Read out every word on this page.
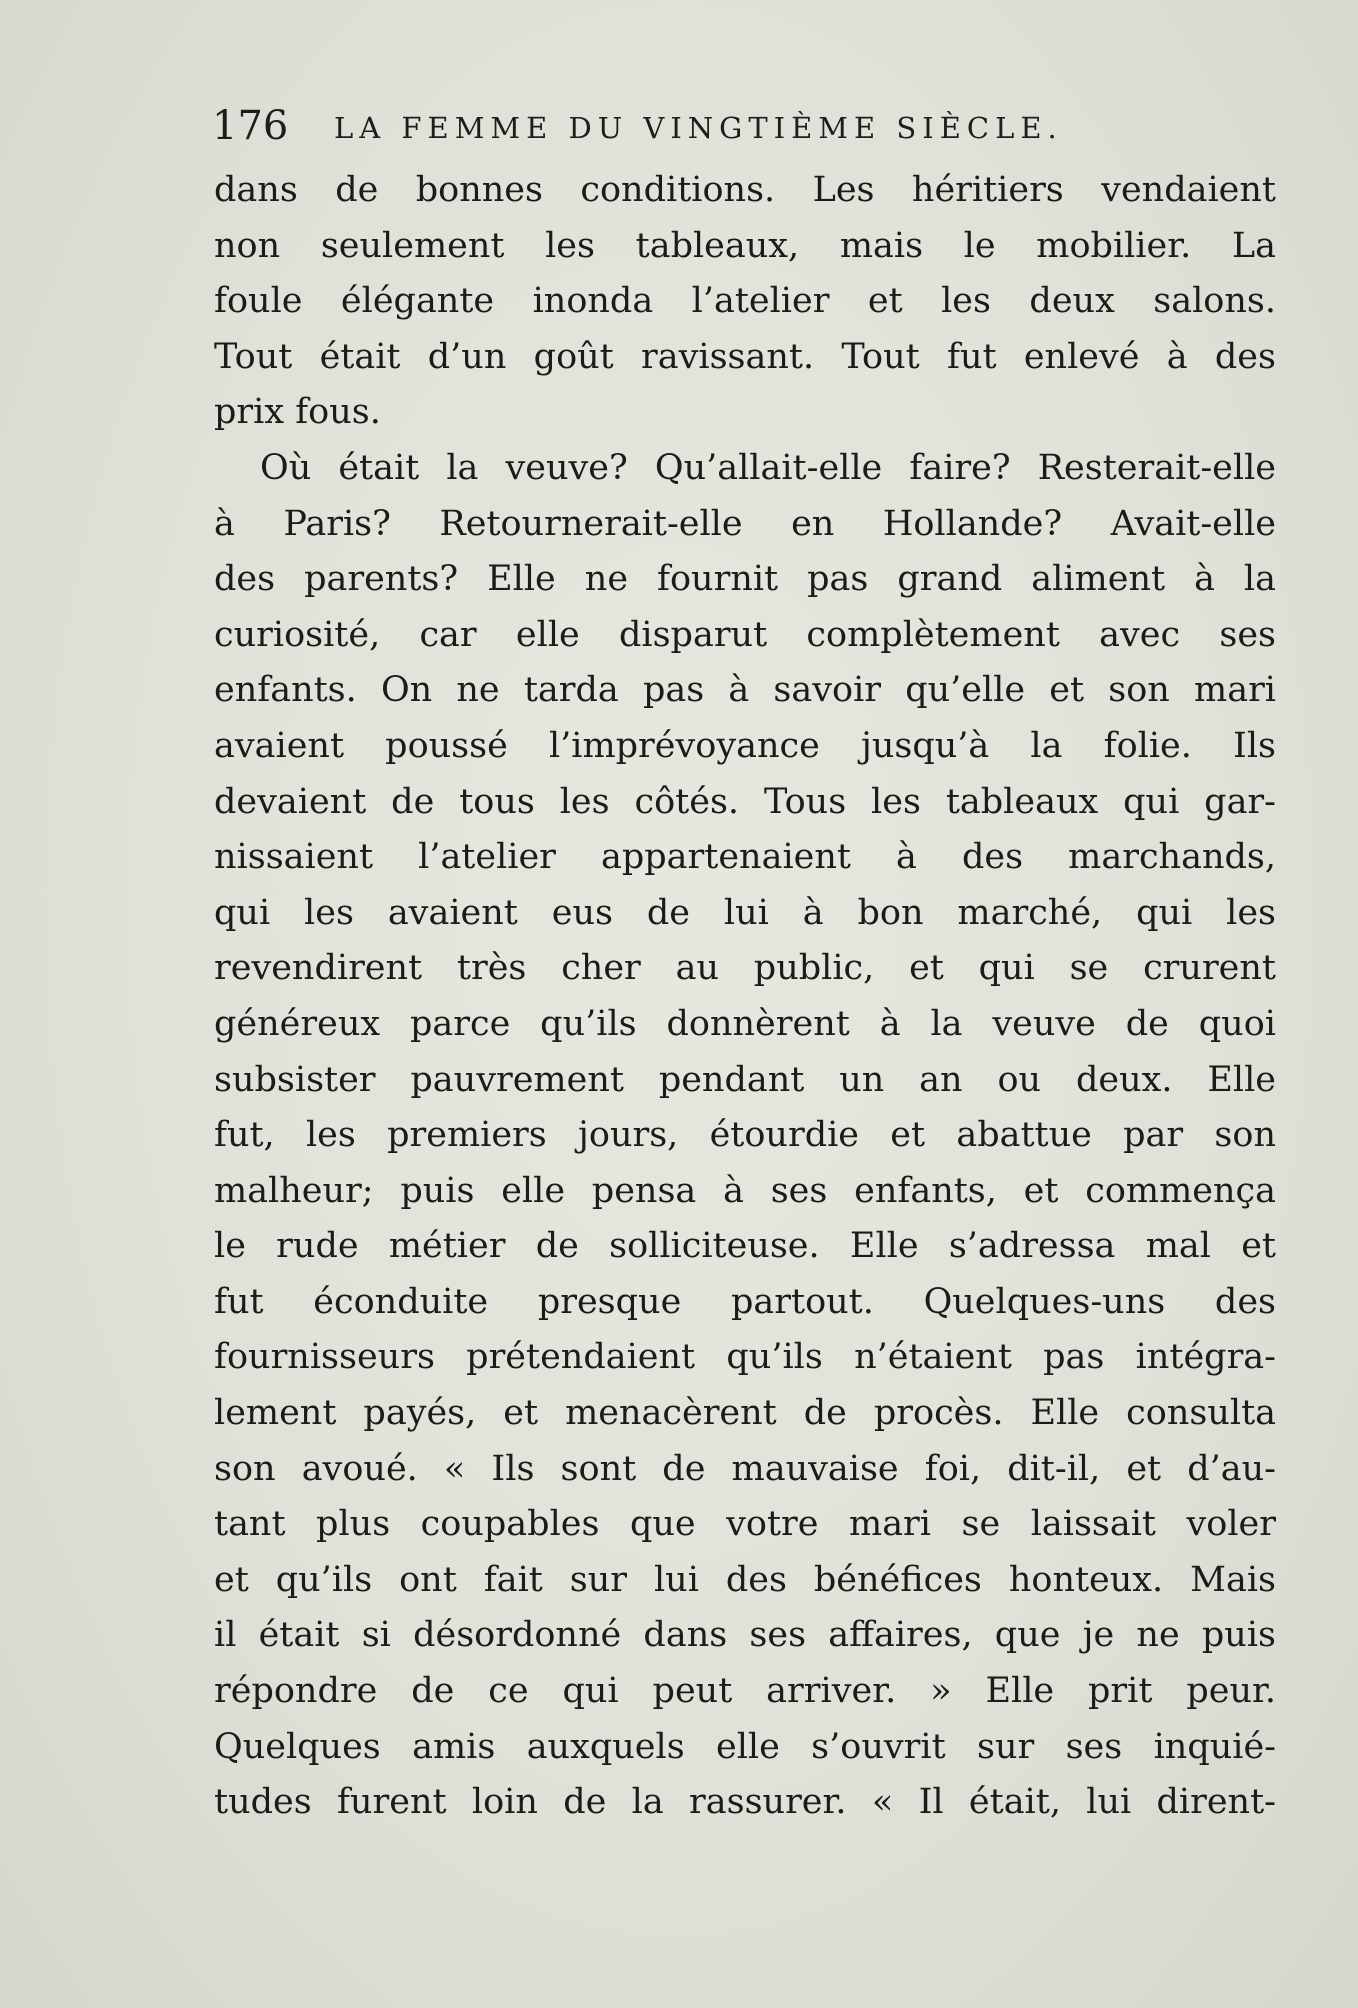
176 LA FEMME DU VINGTIÈME SIÈCLE.
dans de bonnes conditions. Les héritiers vendaient
non seulement les tableaux, mais le mobilier. La
foule élégante inonda l’atelier et les deux salons.
Tout était d’un goût ravissant. Tout fut enlevé à des
prix fous.
Où était la veuve? Qu’allait-elle faire? Resterait-elle
à Paris? Retournerait-elle en Hollande? Avait-elle
des parents? Elle ne fournit pas grand aliment à la
curiosité, car elle disparut complètement avec ses
enfants. On ne tarda pas à savoir qu’elle et son mari
avaient poussé l’imprévoyance jusqu’à la folie. Ils
devaient de tous les côtés. Tous les tableaux qui gar-
nissaient l’atelier appartenaient à des marchands,
qui les avaient eus de lui à bon marché, qui les
revendirent très cher au public, et qui se crurent
généreux parce qu’ils donnèrent à la veuve de quoi
subsister pauvrement pendant un an ou deux. Elle
fut, les premiers jours, étourdie et abattue par son
malheur; puis elle pensa à ses enfants, et commença
le rude métier de solliciteuse. Elle s’adressa mal et
fut éconduite presque partout. Quelques-uns des
fournisseurs prétendaient qu’ils n’étaient pas intégra-
lement payés, et menacèrent de procès. Elle consulta
son avoué. « Ils sont de mauvaise foi, dit-il, et d’au-
tant plus coupables que votre mari se laissait voler
et qu’ils ont fait sur lui des bénéfices honteux. Mais
il était si désordonné dans ses affaires, que je ne puis
répondre de ce qui peut arriver. » Elle prit peur.
Quelques amis auxquels elle s’ouvrit sur ses inquié-
tudes furent loin de la rassurer. « Il était, lui dirent-
